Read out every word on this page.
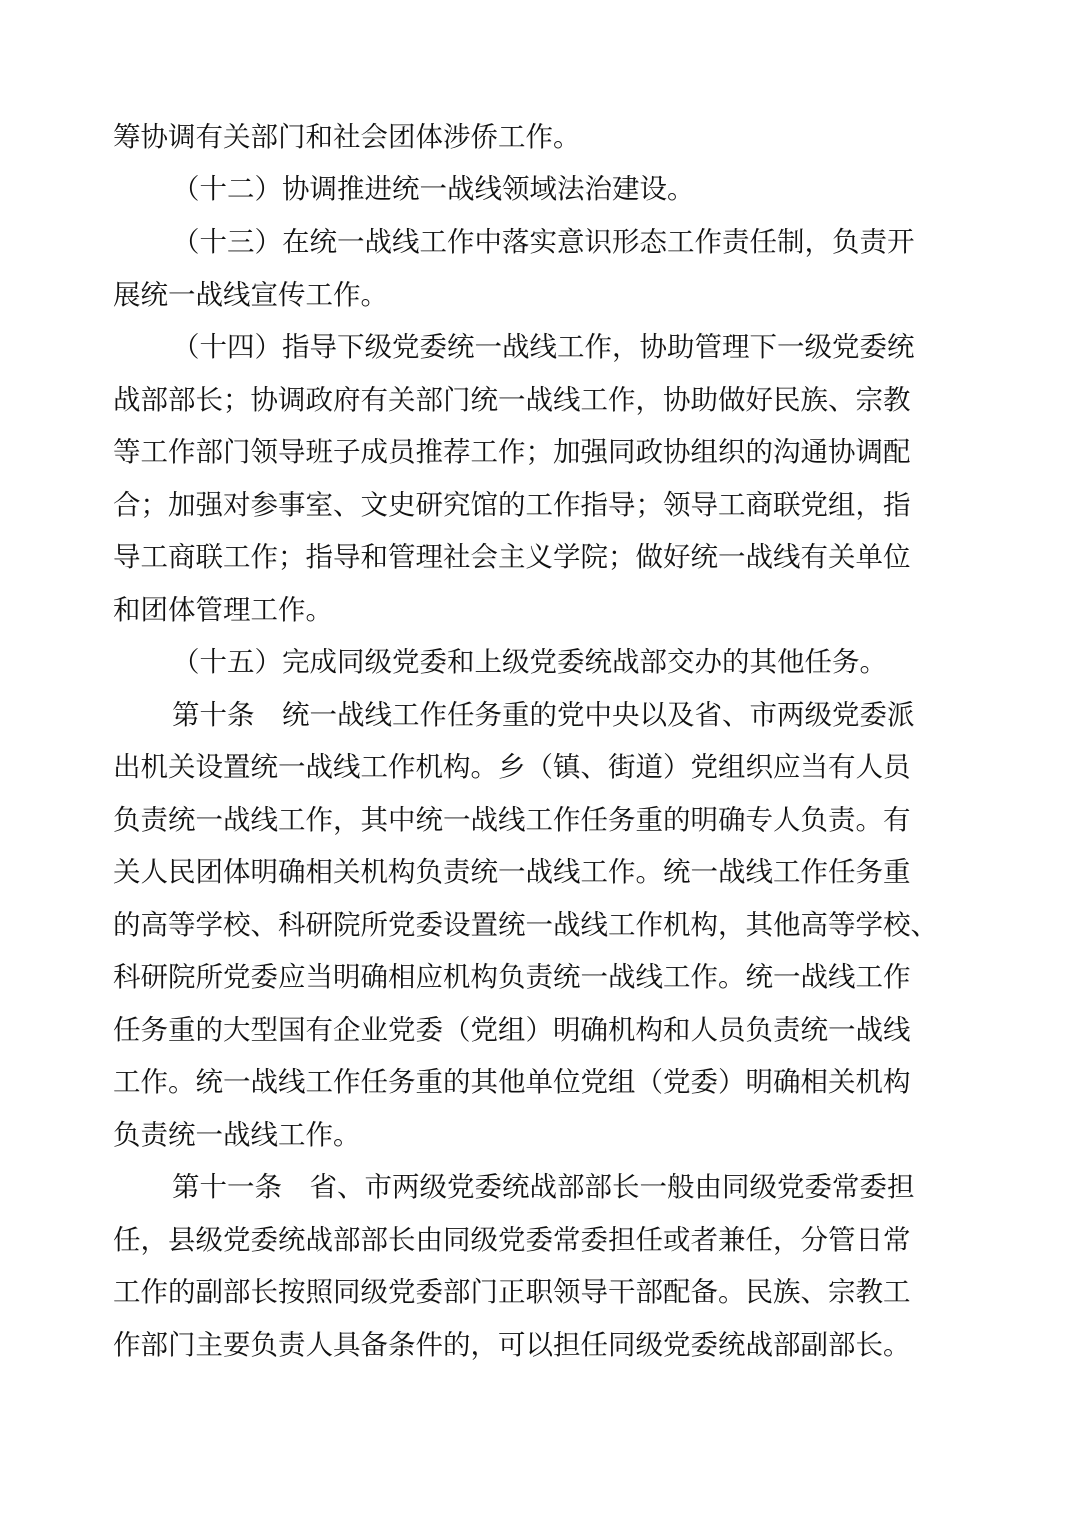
筹协调有关部门和社会团体涉侨工作。
（十二）协调推进统一战线领域法治建设。
（十三）在统一战线工作中落实意识形态工作责任制，负责开
展统一战线宣传工作。
（十四）指导下级党委统一战线工作，协助管理下一级党委统
战部部长；协调政府有关部门统一战线工作，协助做好民族、宗教
等工作部门领导班子成员推荐工作；加强同政协组织的沟通协调配
合；加强对参事室、文史研究馆的工作指导；领导工商联党组，指
导工商联工作；指导和管理社会主义学院；做好统一战线有关单位
和团体管理工作。
（十五）完成同级党委和上级党委统战部交办的其他任务。
第十条　统一战线工作任务重的党中央以及省、市两级党委派
出机关设置统一战线工作机构。乡（镇、街道）党组织应当有人员
负责统一战线工作，其中统一战线工作任务重的明确专人负责。有
关人民团体明确相关机构负责统一战线工作。统一战线工作任务重
的高等学校、科研院所党委设置统一战线工作机构，其他高等学校、
科研院所党委应当明确相应机构负责统一战线工作。统一战线工作
任务重的大型国有企业党委（党组）明确机构和人员负责统一战线
工作。统一战线工作任务重的其他单位党组（党委）明确相关机构
负责统一战线工作。
第十一条　省、市两级党委统战部部长一般由同级党委常委担
任，县级党委统战部部长由同级党委常委担任或者兼任，分管日常
工作的副部长按照同级党委部门正职领导干部配备。民族、宗教工
作部门主要负责人具备条件的，可以担任同级党委统战部副部长。
